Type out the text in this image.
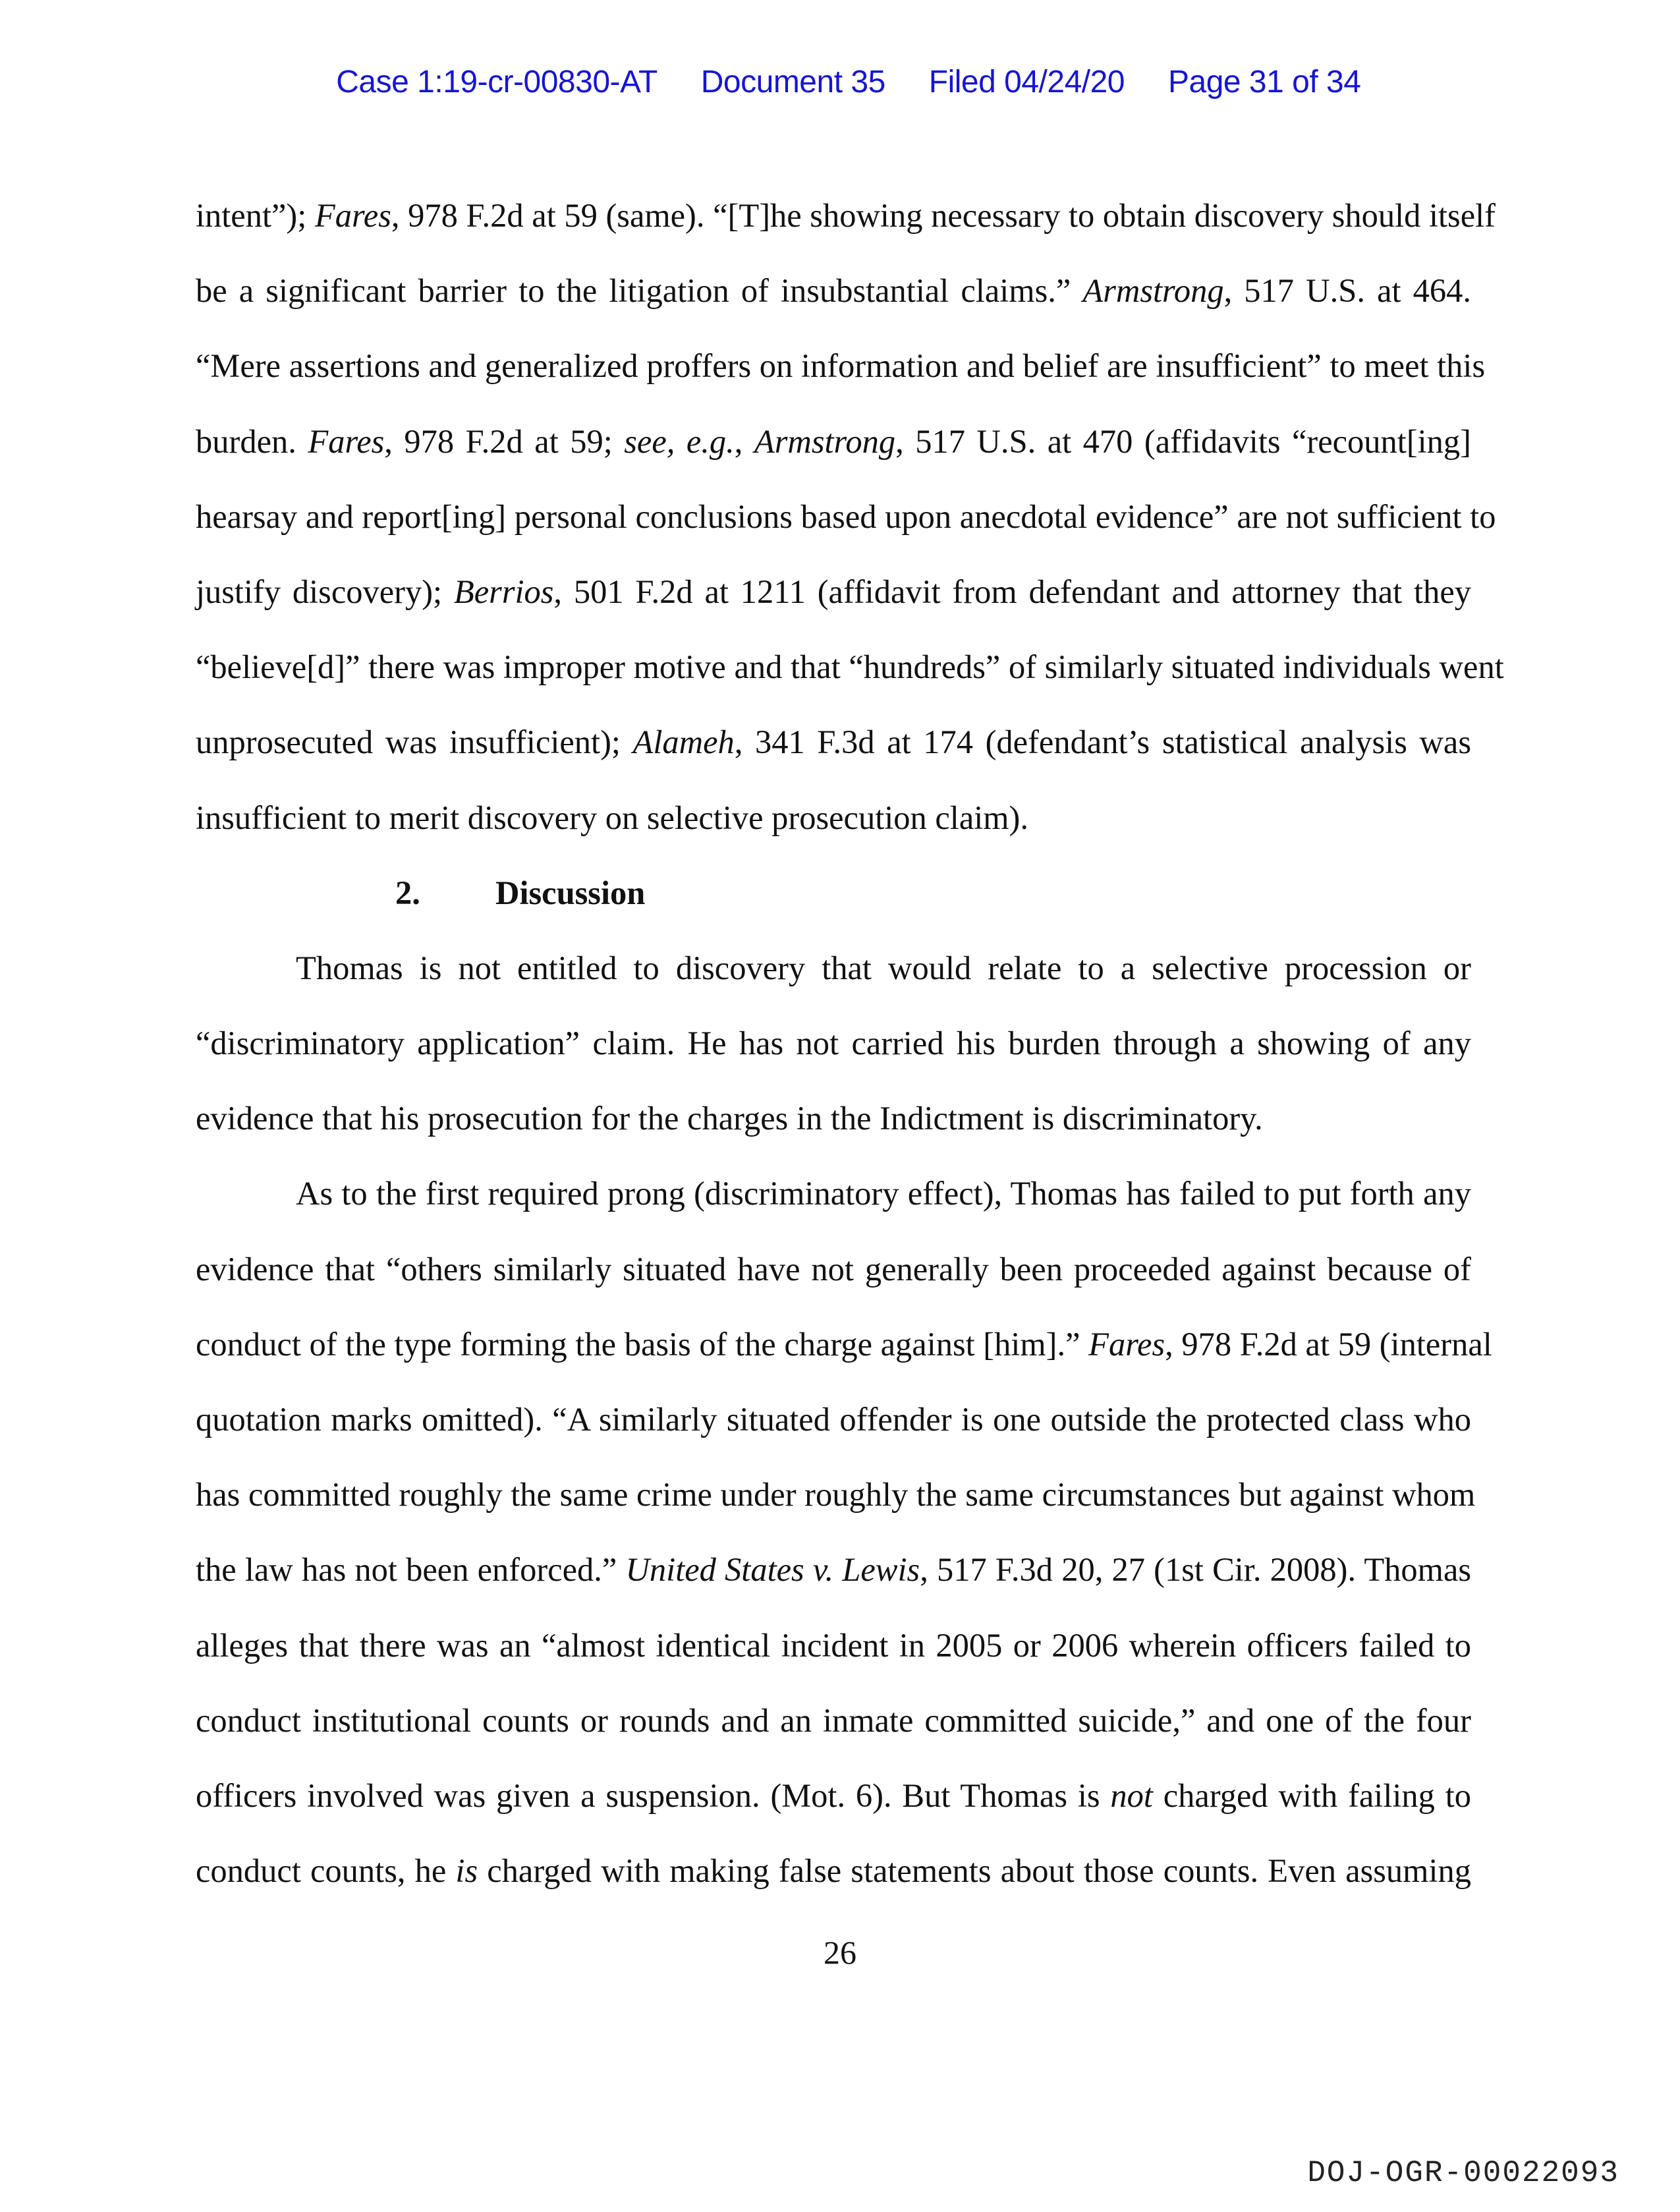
Case 1:19-cr-00830-AT Document 35 Filed 04/24/20 Page 31 of 34

intent”); Fares, 978 F.2d at 59 (same). “[T]he showing necessary to obtain discovery should itself
be a significant barrier to the litigation of insubstantial claims.” Armstrong, 517 U.S. at 464.
“Mere assertions and generalized proffers on information and belief are insufficient” to meet this
burden. Fares, 978 F.2d at 59; see, e.g., Armstrong, 517 U.S. at 470 (affidavits “recount[ing]
hearsay and report[ing] personal conclusions based upon anecdotal evidence” are not sufficient to
justify discovery); Berrios, 501 F.2d at 1211 (affidavit from defendant and attorney that they
“believe[d]” there was improper motive and that “hundreds” of similarly situated individuals went
unprosecuted was insufficient); Alameh, 341 F.3d at 174 (defendant’s statistical analysis was
insufficient to merit discovery on selective prosecution claim).
2. Discussion
Thomas is not entitled to discovery that would relate to a selective procession or
“discriminatory application” claim. He has not carried his burden through a showing of any
evidence that his prosecution for the charges in the Indictment is discriminatory.
As to the first required prong (discriminatory effect), Thomas has failed to put forth any
evidence that “others similarly situated have not generally been proceeded against because of
conduct of the type forming the basis of the charge against [him].” Fares, 978 F.2d at 59 (internal
quotation marks omitted). “A similarly situated offender is one outside the protected class who
has committed roughly the same crime under roughly the same circumstances but against whom
the law has not been enforced.” United States v. Lewis, 517 F.3d 20, 27 (1st Cir. 2008). Thomas
alleges that there was an “almost identical incident in 2005 or 2006 wherein officers failed to
conduct institutional counts or rounds and an inmate committed suicide,” and one of the four
officers involved was given a suspension. (Mot. 6). But Thomas is not charged with failing to
conduct counts, he is charged with making false statements about those counts. Even assuming
26
DOJ-OGR-00022093
